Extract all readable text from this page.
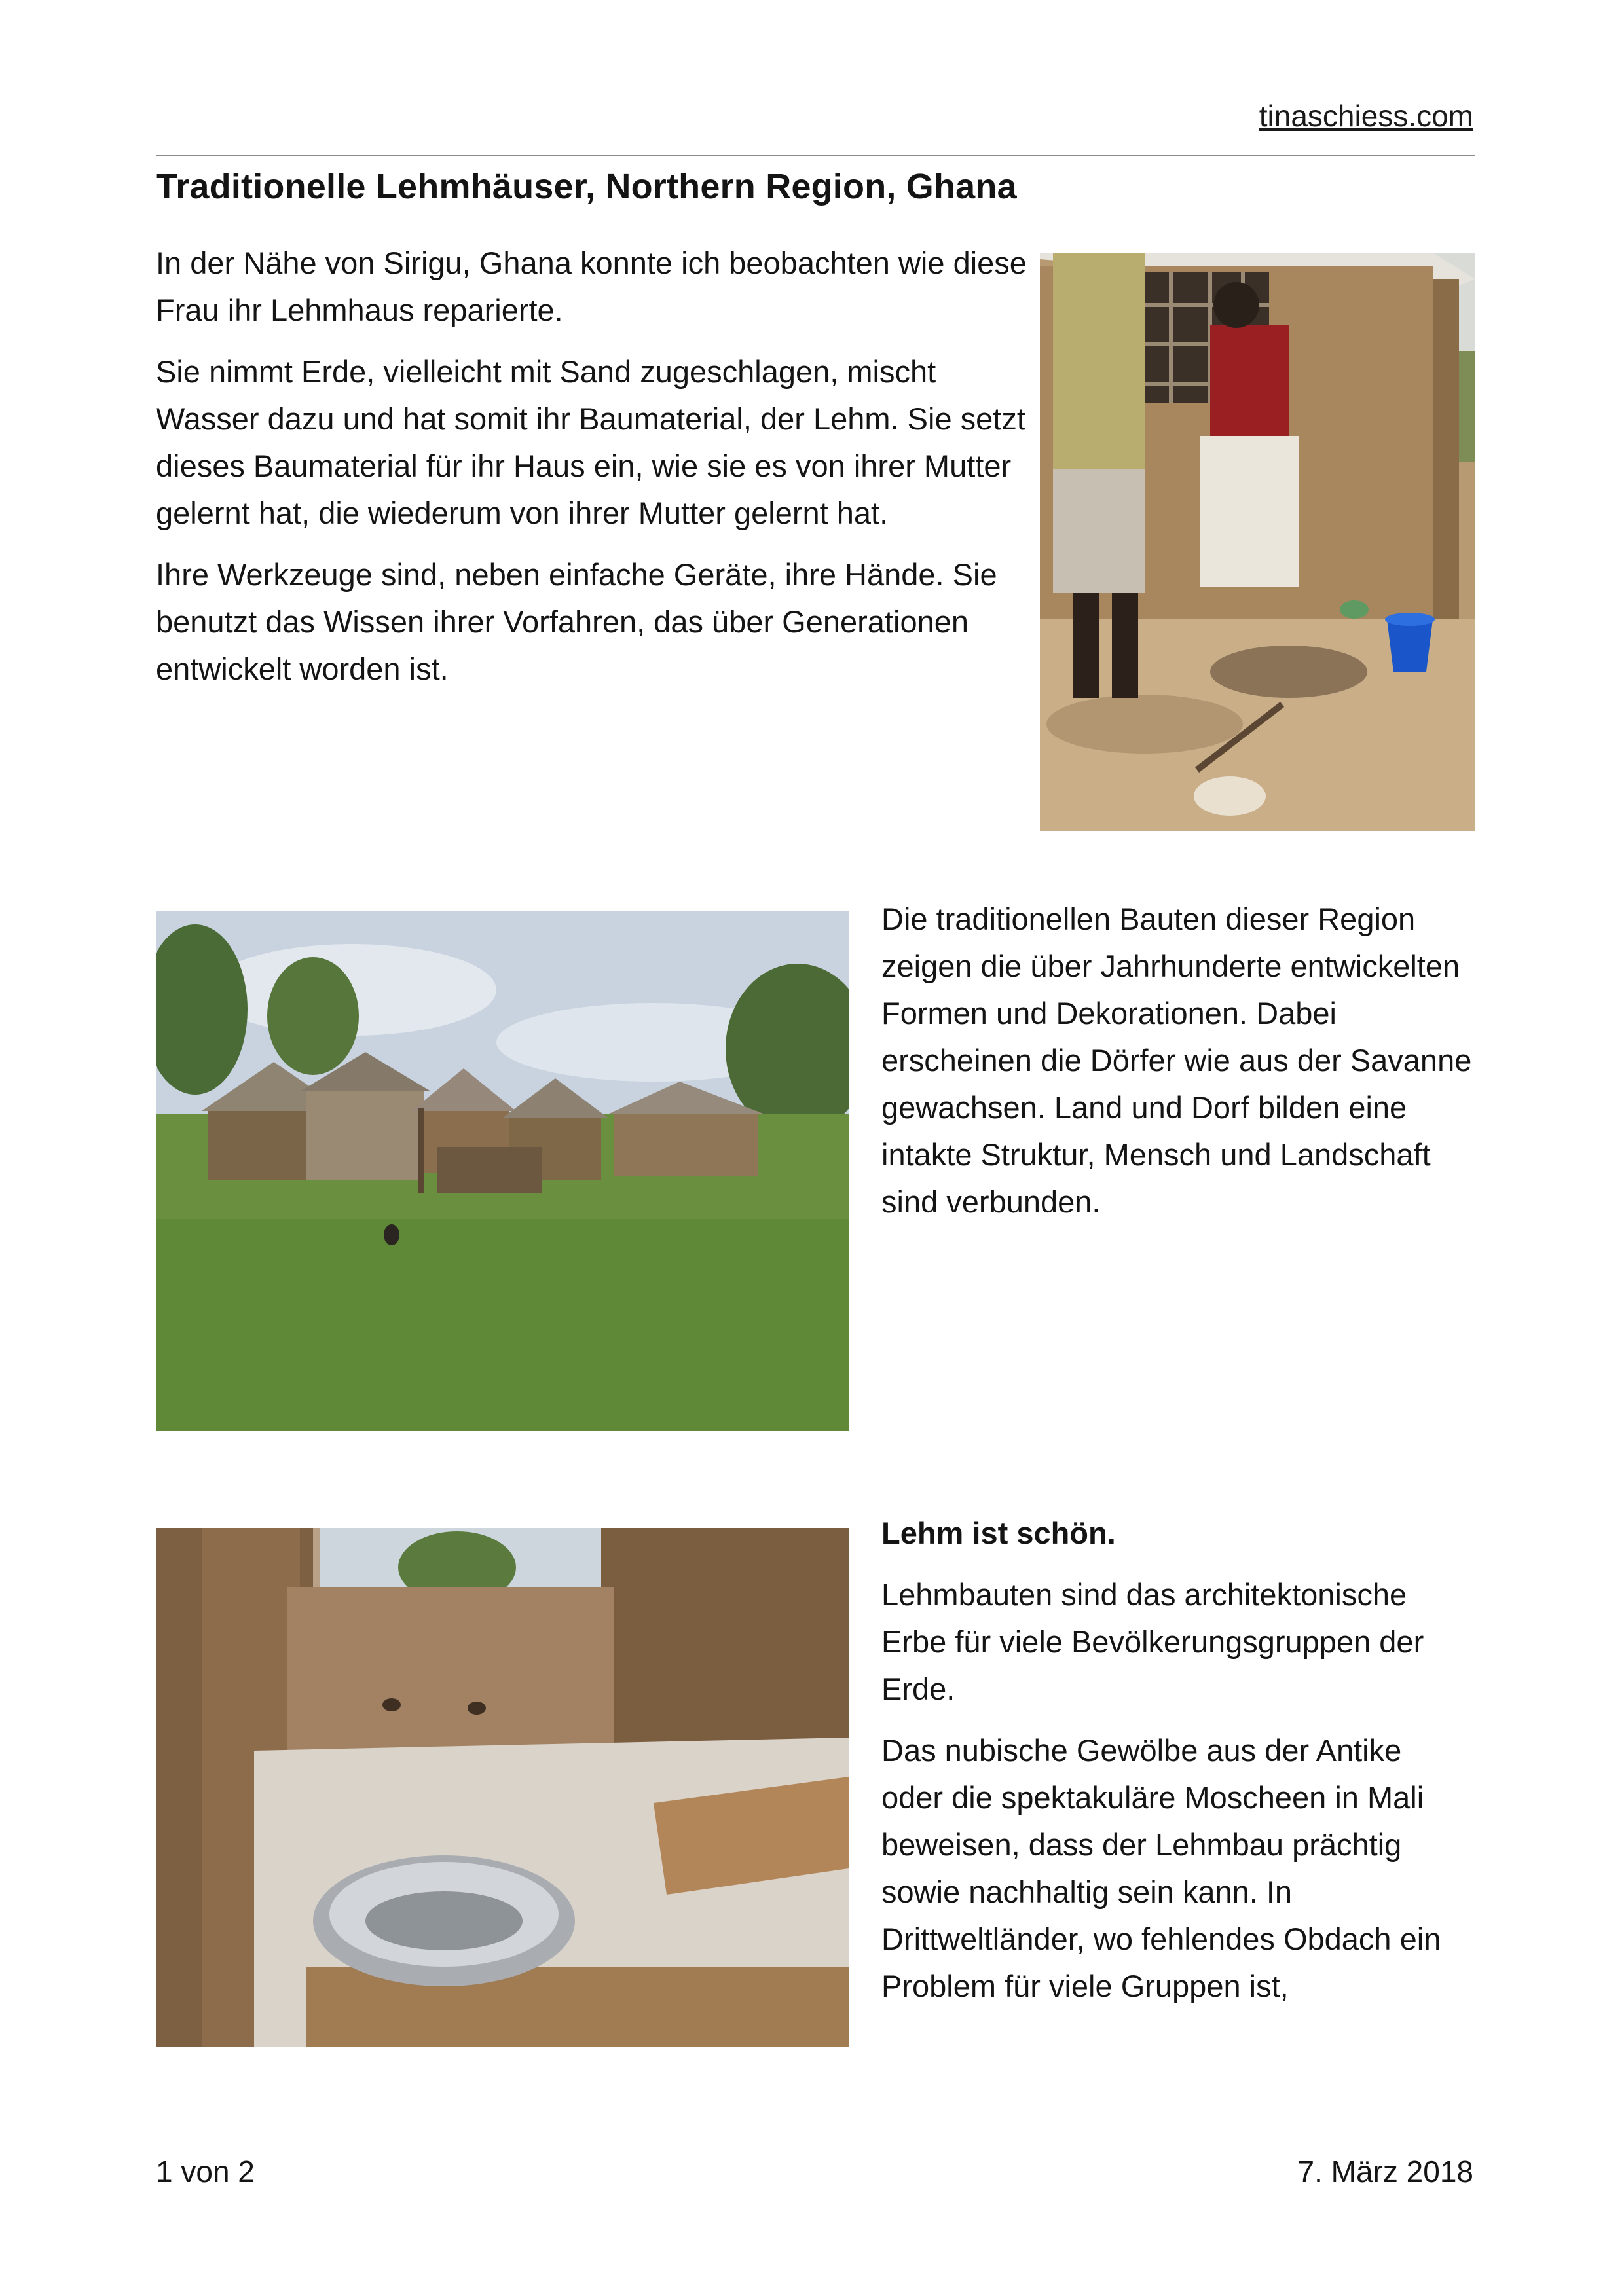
tinaschiess.com
Traditionelle Lehmhäuser, Northern Region, Ghana

In der Nähe von Sirigu, Ghana konnte ich beobachten wie diese Frau ihr Lehmhaus reparierte.

Sie nimmt Erde, vielleicht mit Sand zugeschlagen, mischt Wasser dazu und hat somit ihr Baumaterial, der Lehm. Sie setzt dieses Baumaterial für ihr Haus ein, wie sie es von ihrer Mutter gelernt hat, die wiederum von ihrer Mutter gelernt hat.

Ihre Werkzeuge sind, neben einfache Geräte, ihre Hände. Sie benutzt das Wissen ihrer Vorfahren, das über Generationen entwickelt worden ist.

Die traditionellen Bauten dieser Region zeigen die über Jahrhunderte entwickelten Formen und Dekorationen. Dabei erscheinen die Dörfer wie aus der Savanne gewachsen. Land und Dorf bilden eine intakte Struktur, Mensch und Landschaft sind verbunden.

Lehm ist schön.

Lehmbauten sind das architektonische Erbe für viele Bevölkerungsgruppen der Erde.

Das nubische Gewölbe aus der Antike oder die spektakuläre Moscheen in Mali beweisen, dass der Lehmbau prächtig sowie nachhaltig sein kann. In Drittweltländer, wo fehlendes Obdach ein Problem für viele Gruppen ist,

1 von 2	7. März 2018
